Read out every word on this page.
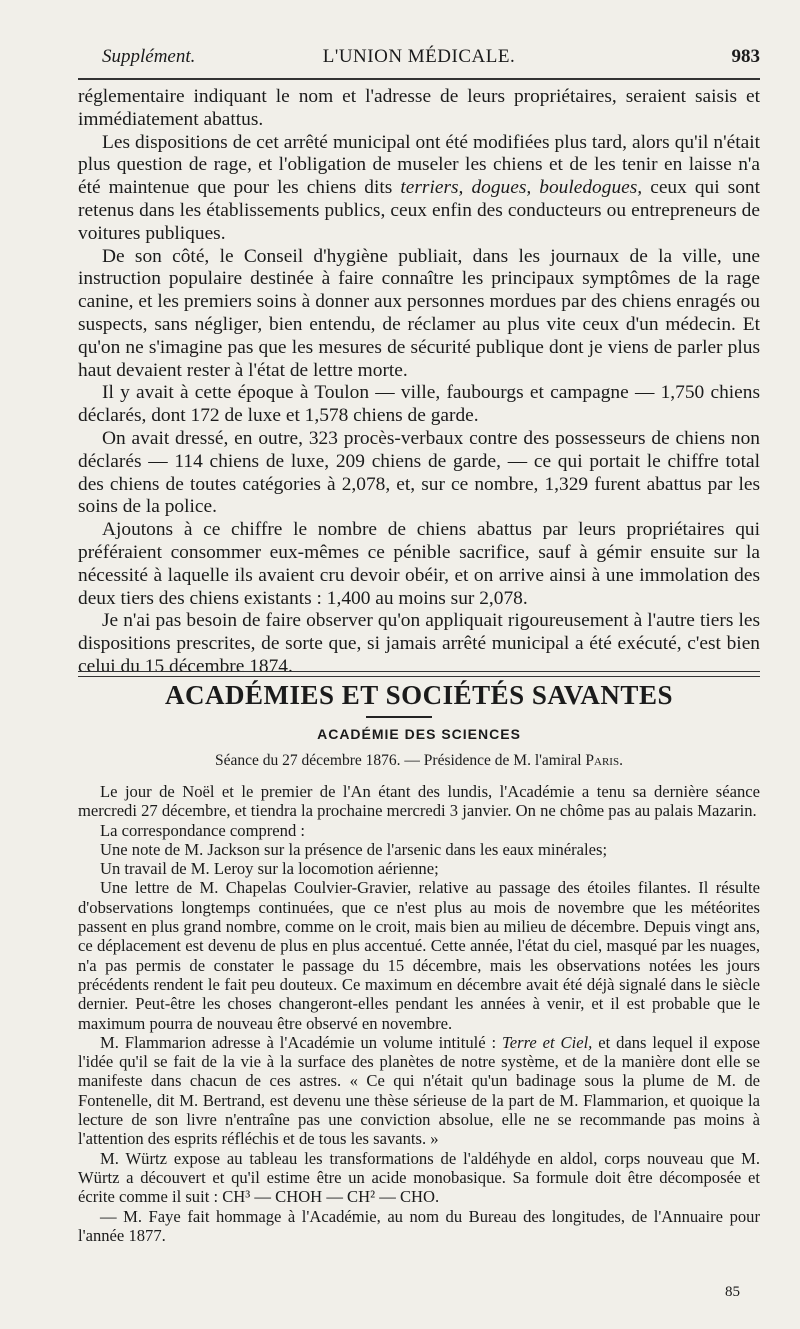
Supplément.	L'UNION MÉDICALE.	983

réglementaire indiquant le nom et l'adresse de leurs propriétaires, seraient saisis et immédiatement abattus.

Les dispositions de cet arrêté municipal ont été modifiées plus tard, alors qu'il n'était plus question de rage, et l'obligation de museler les chiens et de les tenir en laisse n'a été maintenue que pour les chiens dits terriers, dogues, bouledogues, ceux qui sont retenus dans les établissements publics, ceux enfin des conducteurs ou entrepreneurs de voitures publiques.

De son côté, le Conseil d'hygiène publiait, dans les journaux de la ville, une instruction populaire destinée à faire connaître les principaux symptômes de la rage canine, et les premiers soins à donner aux personnes mordues par des chiens enragés ou suspects, sans négliger, bien entendu, de réclamer au plus vite ceux d'un médecin. Et qu'on ne s'imagine pas que les mesures de sécurité publique dont je viens de parler plus haut devaient rester à l'état de lettre morte.

Il y avait à cette époque à Toulon — ville, faubourgs et campagne — 1,750 chiens déclarés, dont 172 de luxe et 1,578 chiens de garde.

On avait dressé, en outre, 323 procès-verbaux contre des possesseurs de chiens non déclarés — 114 chiens de luxe, 209 chiens de garde, — ce qui portait le chiffre total des chiens de toutes catégories à 2,078, et, sur ce nombre, 1,329 furent abattus par les soins de la police.

Ajoutons à ce chiffre le nombre de chiens abattus par leurs propriétaires qui préféraient consommer eux-mêmes ce pénible sacrifice, sauf à gémir ensuite sur la nécessité à laquelle ils avaient cru devoir obéir, et on arrive ainsi à une immolation des deux tiers des chiens existants : 1,400 au moins sur 2,078.

Je n'ai pas besoin de faire observer qu'on appliquait rigoureusement à l'autre tiers les dispositions prescrites, de sorte que, si jamais arrêté municipal a été exécuté, c'est bien celui du 15 décembre 1874.

ACADÉMIES ET SOCIÉTÉS SAVANTES
ACADÉMIE DES SCIENCES
Séance du 27 décembre 1876. — Présidence de M. l'amiral Paris.

Le jour de Noël et le premier de l'An étant des lundis, l'Académie a tenu sa dernière séance mercredi 27 décembre, et tiendra la prochaine mercredi 3 janvier. On ne chôme pas au palais Mazarin.

La correspondance comprend :

Une note de M. Jackson sur la présence de l'arsenic dans les eaux minérales;

Un travail de M. Leroy sur la locomotion aérienne;

Une lettre de M. Chapelas Coulvier-Gravier, relative au passage des étoiles filantes. Il résulte d'observations longtemps continuées, que ce n'est plus au mois de novembre que les météorites passent en plus grand nombre, comme on le croit, mais bien au milieu de décembre. Depuis vingt ans, ce déplacement est devenu de plus en plus accentué. Cette année, l'état du ciel, masqué par les nuages, n'a pas permis de constater le passage du 15 décembre, mais les observations notées les jours précédents rendent le fait peu douteux. Ce maximum en décembre avait été déjà signalé dans le siècle dernier. Peut-être les choses changeront-elles pendant les années à venir, et il est probable que le maximum pourra de nouveau être observé en novembre.

M. Flammarion adresse à l'Académie un volume intitulé : Terre et Ciel, et dans lequel il expose l'idée qu'il se fait de la vie à la surface des planètes de notre système, et de la manière dont elle se manifeste dans chacun de ces astres. « Ce qui n'était qu'un badinage sous la plume de M. de Fontenelle, dit M. Bertrand, est devenu une thèse sérieuse de la part de M. Flammarion, et quoique la lecture de son livre n'entraîne pas une conviction absolue, elle ne se recommande pas moins à l'attention des esprits réfléchis et de tous les savants. »

M. Würtz expose au tableau les transformations de l'aldéhyde en aldol, corps nouveau que M. Würtz a découvert et qu'il estime être un acide monobasique. Sa formule doit être décomposée et écrite comme il suit : CH³ — CHOH — CH² — CHO.

— M. Faye fait hommage à l'Académie, au nom du Bureau des longitudes, de l'Annuaire pour l'année 1877.

85
